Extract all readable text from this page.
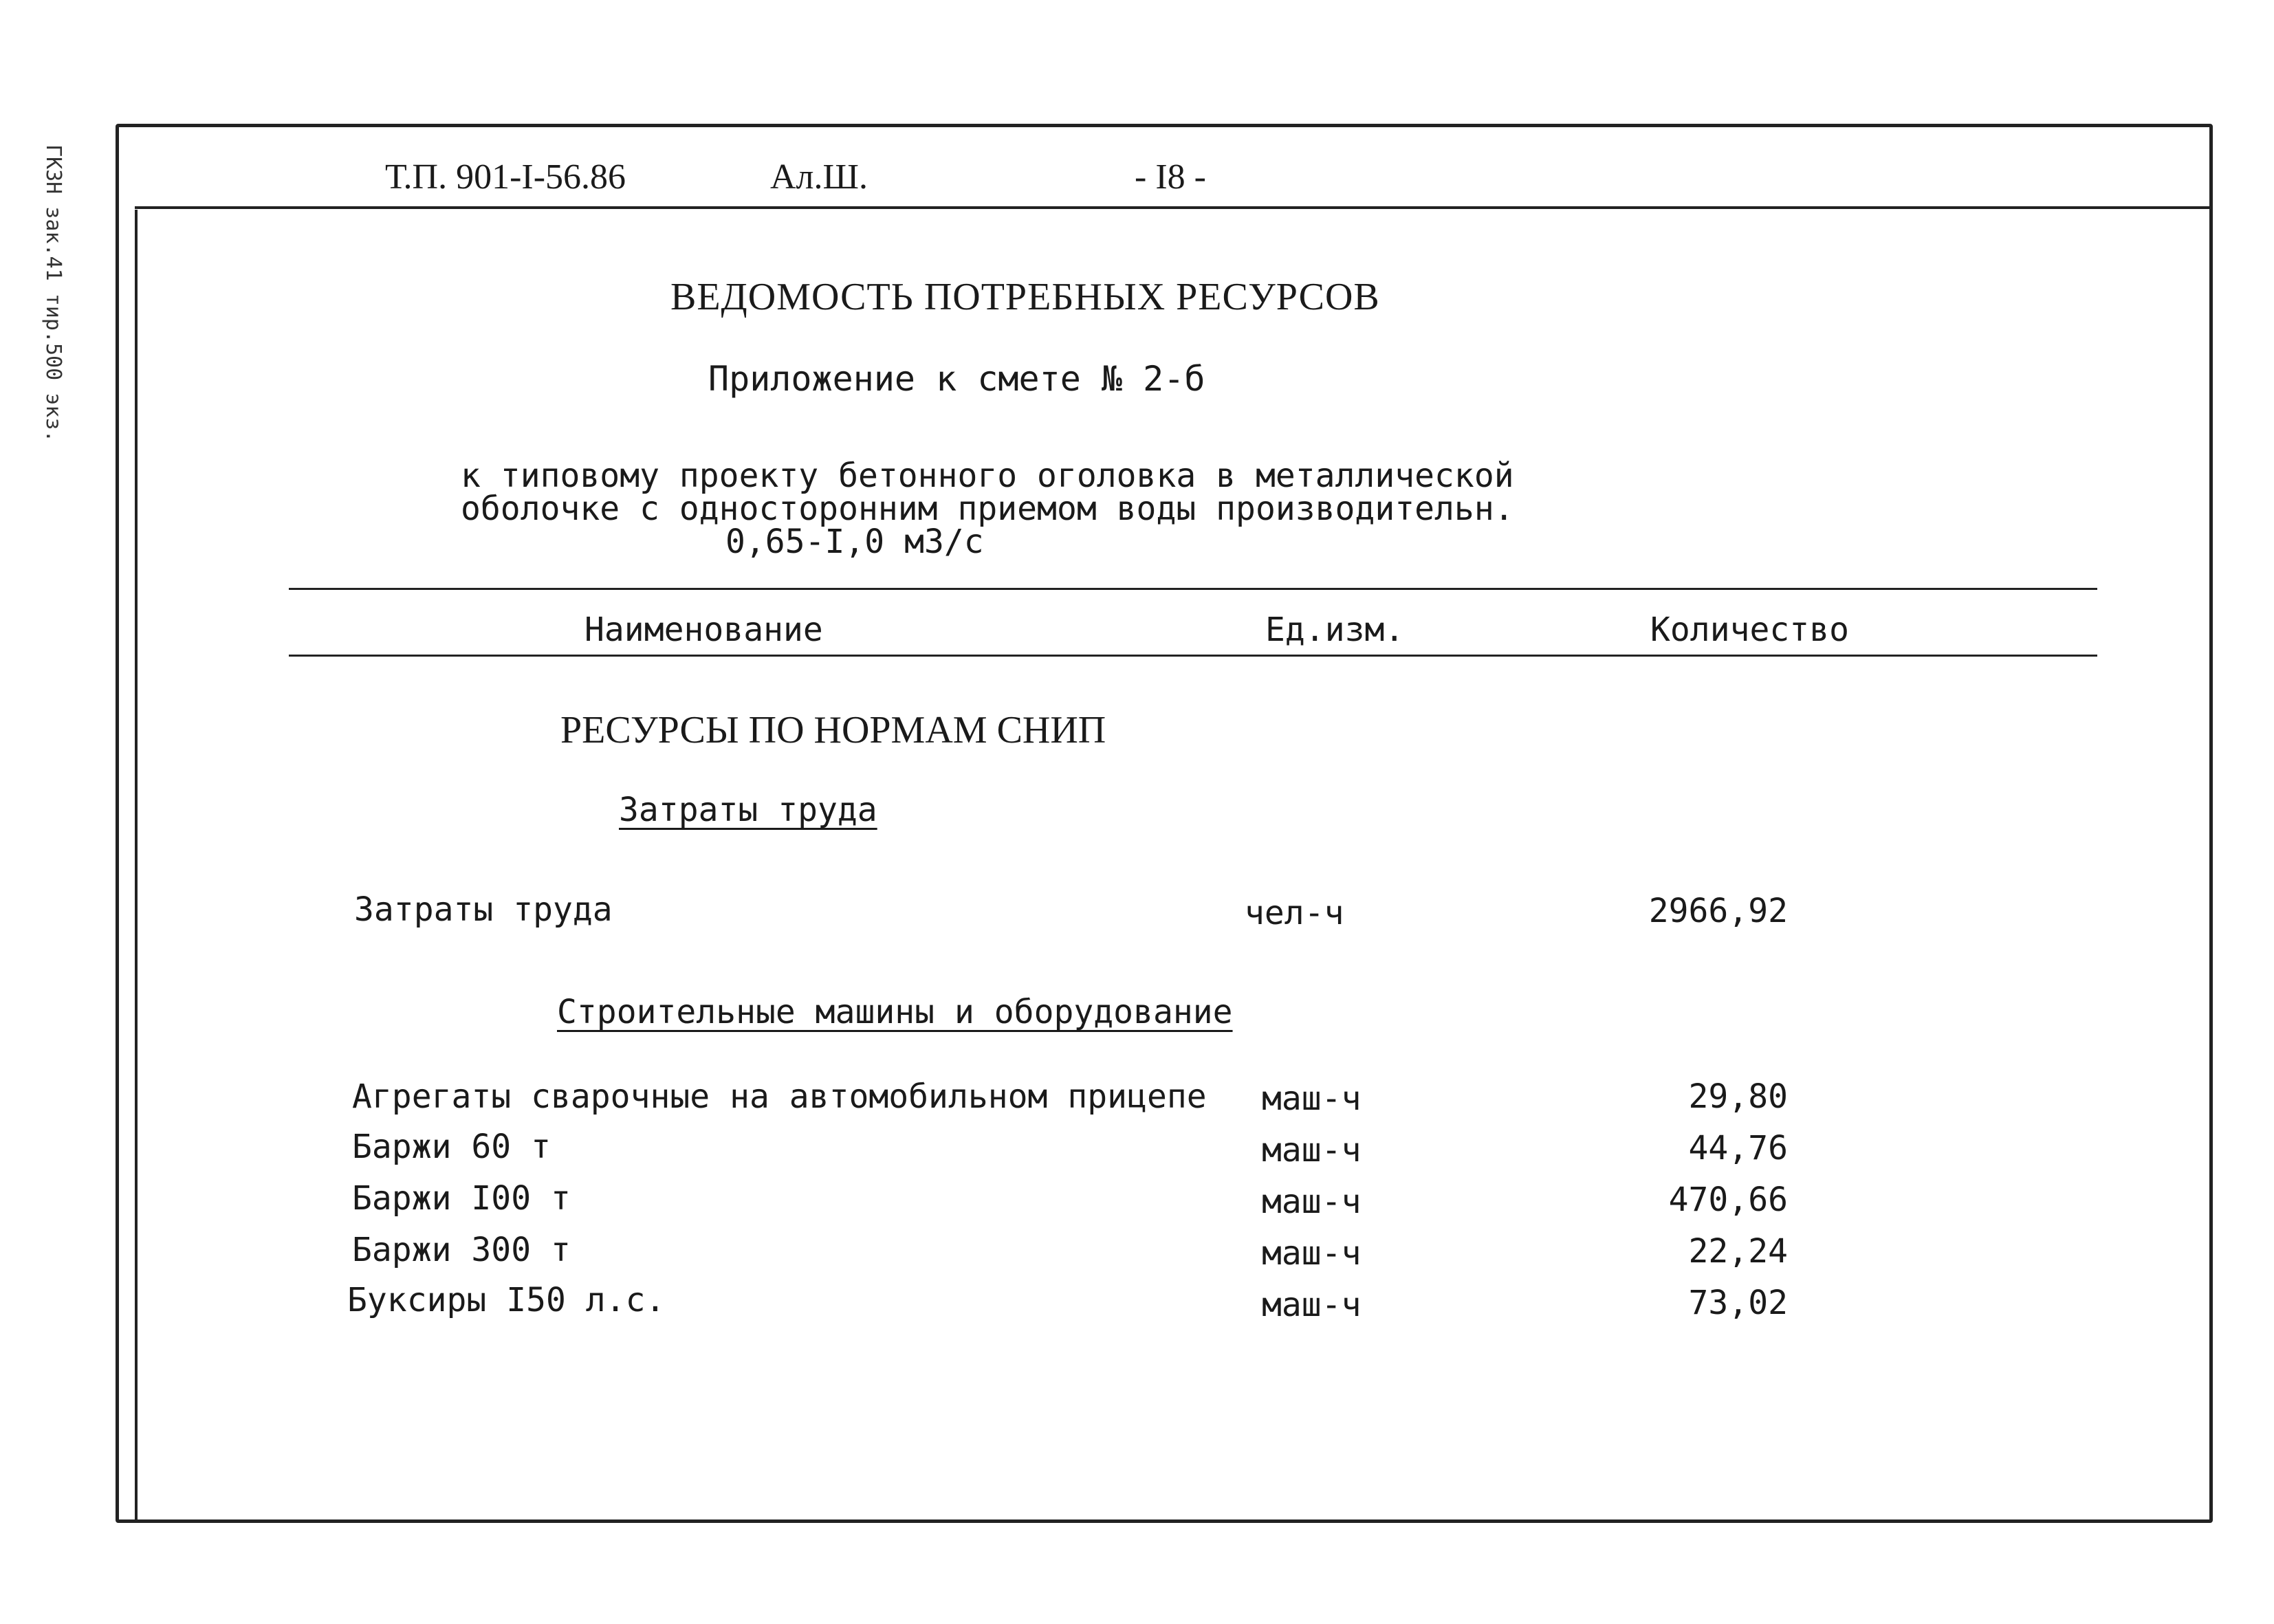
ГКЗН зак.41 тир.500 экз.	Т.П. 901-I-56.86	Ал.Ш.	- I8 -
ВЕДОМОСТЬ ПОТРЕБНЫХ РЕСУРСОВ
Приложение к смете № 2-б
к типовому проекту бетонного оголовка в металлической
оболочке с односторонним приемом воды производительн.
0,65-I,0 м3/с
Наименование	Ед.изм.	Количество
РЕСУРСЫ ПО НОРМАМ СНИП
Затраты труда
Затраты труда	чел-ч	2966,92
Строительные машины и оборудование
Агрегаты сварочные на автомобильном прицепе маш-ч	29,80
Баржи 60 т	маш-ч	44,76
Баржи I00 т	маш-ч	470,66
Баржи 300 т	маш-ч	22,24
Буксиры I50 л.с.	маш-ч	73,02
